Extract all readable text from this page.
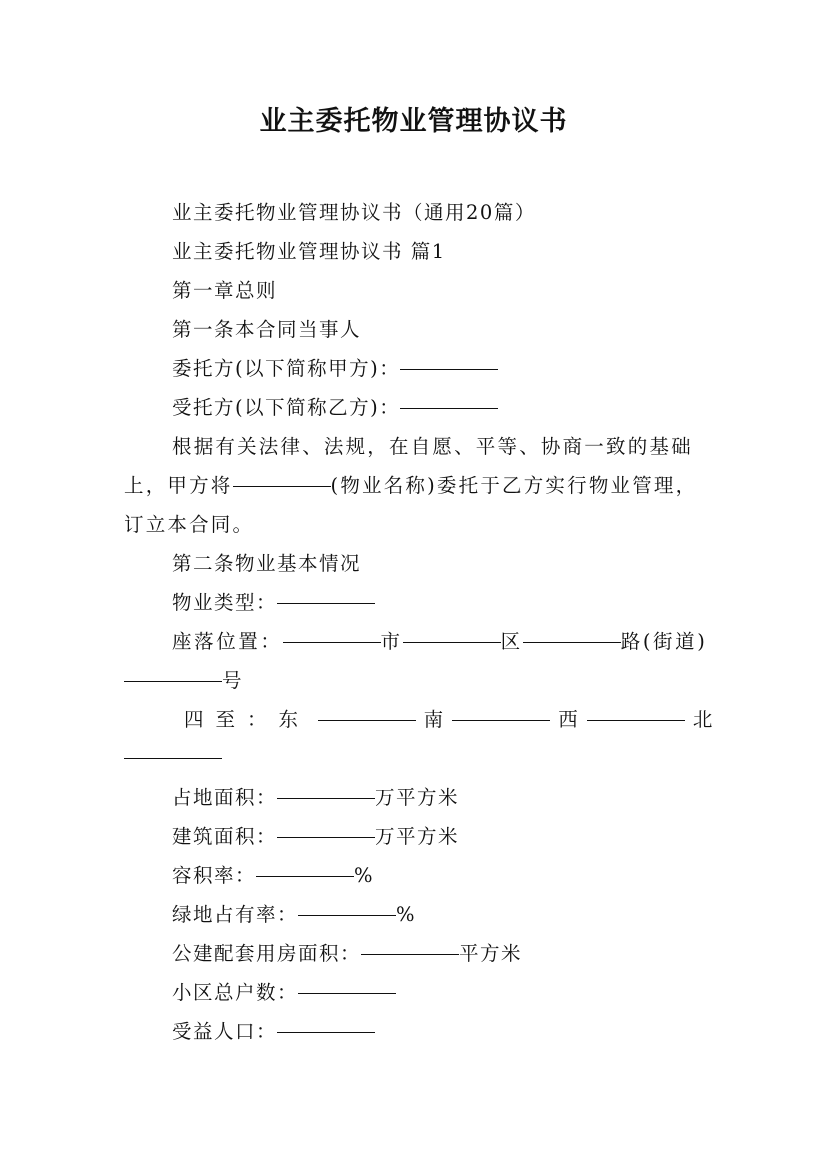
业主委托物业管理协议书

业主委托物业管理协议书（通用20篇）

业主委托物业管理协议书 篇1

第一章总则

第一条本合同当事人

委托方(以下简称甲方)：

受托方(以下简称乙方)：

根据有关法律、法规，在自愿、平等、协商一致的基础上，甲方将	(物业名称)委托于乙方实行物业管理，订立本合同。

第二条物业基本情况

物业类型：

座落位置：	市	区	路(街道)号

四至：东	南	西	北

占地面积：	万平方米

建筑面积：	万平方米

容积率：	%

绿地占有率：	%

公建配套用房面积：	平方米

小区总户数：

受益人口：
